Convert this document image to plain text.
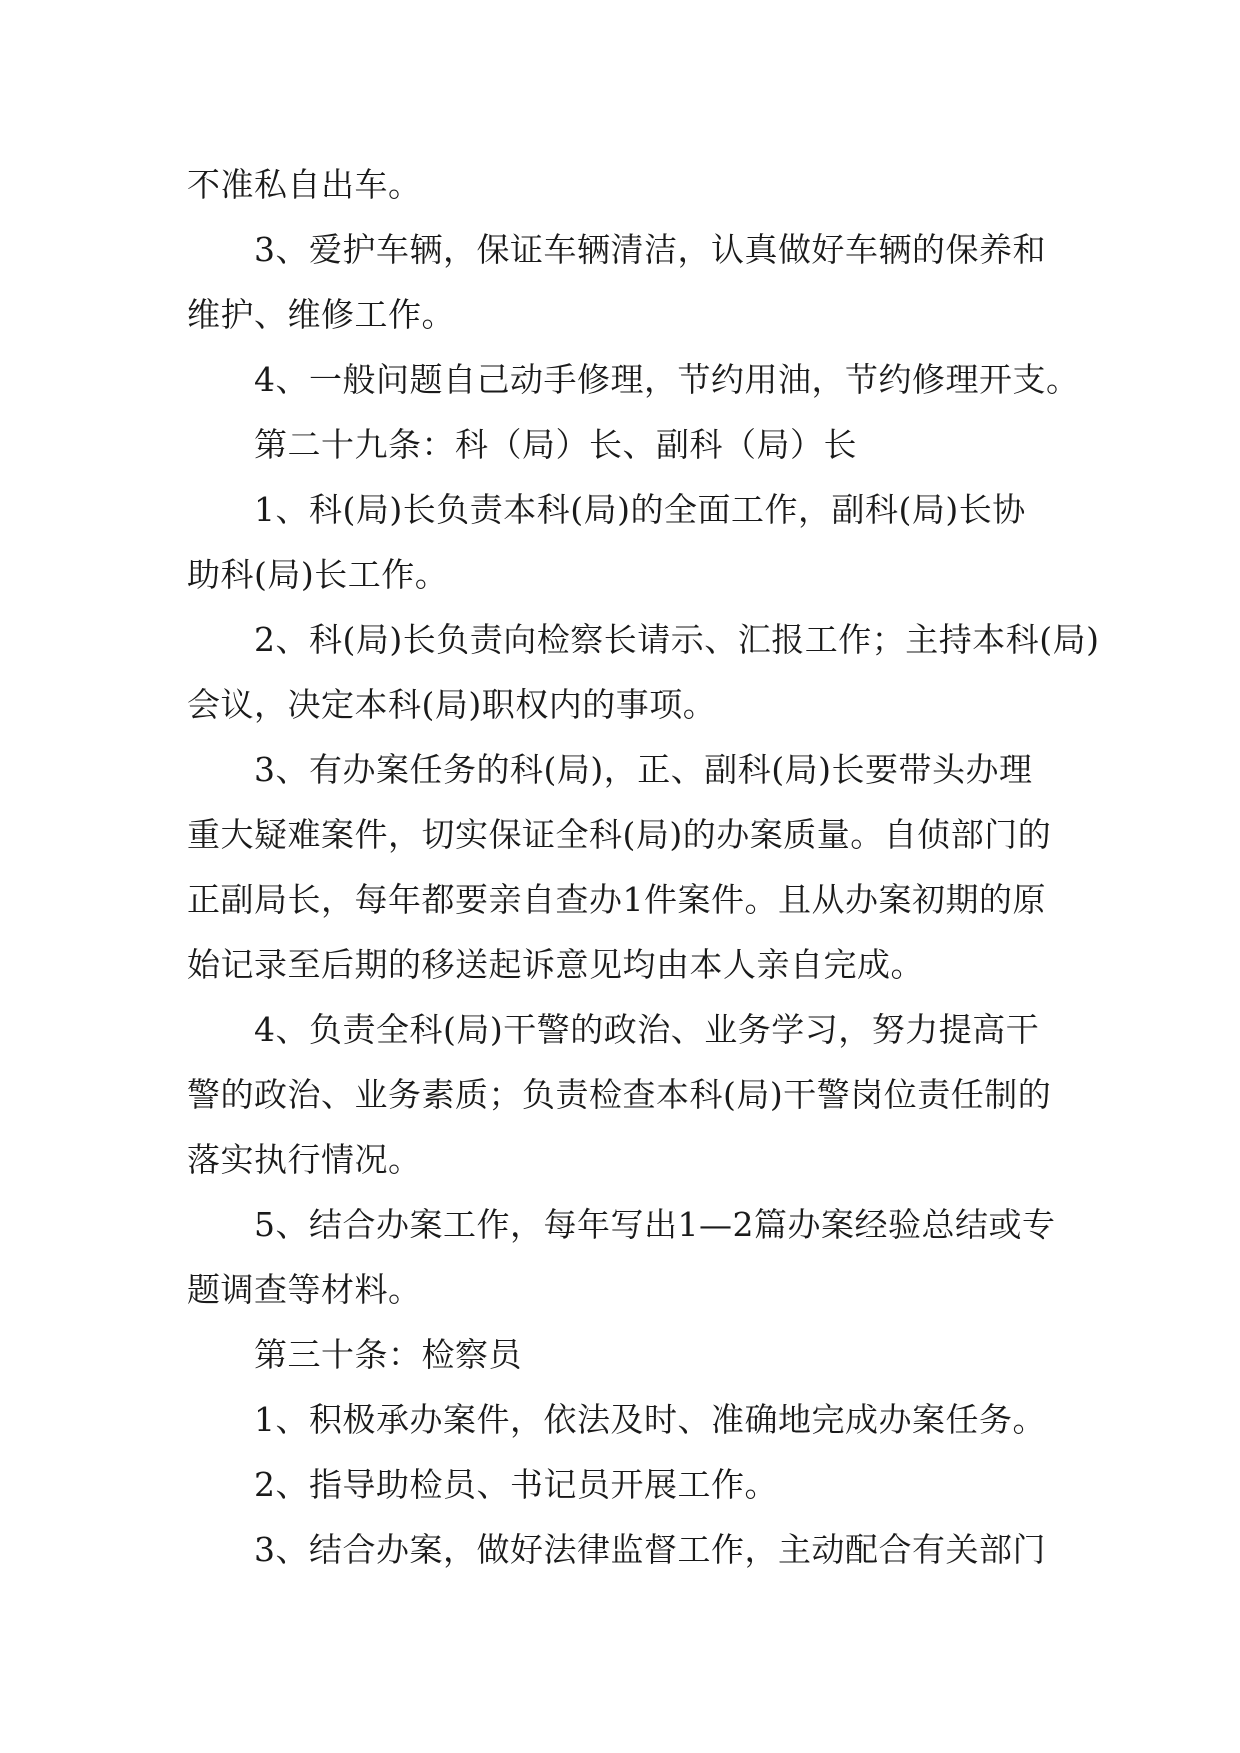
不准私自出车。

3、爱护车辆，保证车辆清洁，认真做好车辆的保养和
维护、维修工作。

4、一般问题自己动手修理，节约用油，节约修理开支。

第二十九条：科（局）长、副科（局）长

1、科(局)长负责本科(局)的全面工作，副科(局)长协
助科(局)长工作。

2、科(局)长负责向检察长请示、汇报工作；主持本科(局)
会议，决定本科(局)职权内的事项。

3、有办案任务的科(局)，正、副科(局)长要带头办理
重大疑难案件，切实保证全科(局)的办案质量。自侦部门的
正副局长，每年都要亲自查办1件案件。且从办案初期的原
始记录至后期的移送起诉意见均由本人亲自完成。

4、负责全科(局)干警的政治、业务学习，努力提高干
警的政治、业务素质；负责检查本科(局)干警岗位责任制的
落实执行情况。

5、结合办案工作，每年写出1—2篇办案经验总结或专
题调查等材料。

第三十条：检察员

1、积极承办案件，依法及时、准确地完成办案任务。

2、指导助检员、书记员开展工作。

3、结合办案，做好法律监督工作，主动配合有关部门
